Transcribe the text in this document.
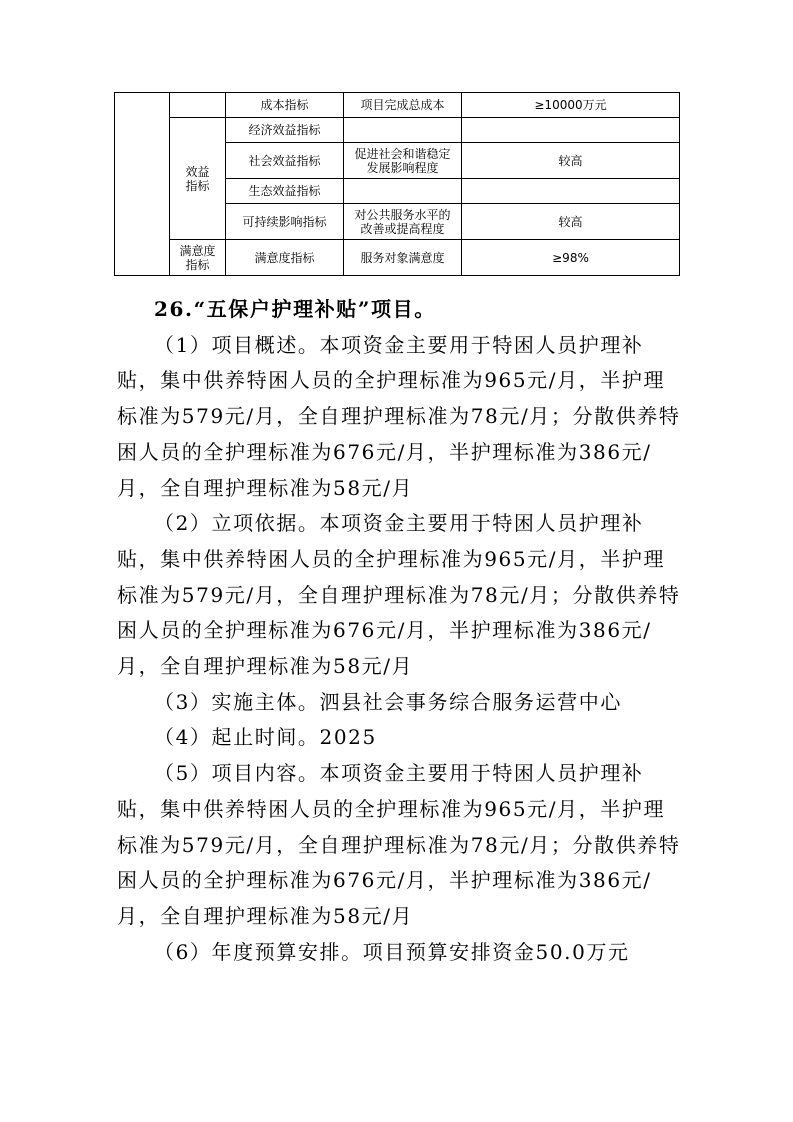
		成本指标	项目完成总成本	≥10000万元
	效益指标	经济效益指标		
		社会效益指标	促进社会和谐稳定发展影响程度	较高
		生态效益指标		
		可持续影响指标	对公共服务水平的改善或提高程度	较高
	满意度指标	满意度指标	服务对象满意度	≥98%

26.“五保户护理补贴”项目。

（1）项目概述。本项资金主要用于特困人员护理补贴，集中供养特困人员的全护理标准为965元/月，半护理标准为579元/月，全自理护理标准为78元/月；分散供养特困人员的全护理标准为676元/月，半护理标准为386元/月，全自理护理标准为58元/月

（2）立项依据。本项资金主要用于特困人员护理补贴，集中供养特困人员的全护理标准为965元/月，半护理标准为579元/月，全自理护理标准为78元/月；分散供养特困人员的全护理标准为676元/月，半护理标准为386元/月，全自理护理标准为58元/月

（3）实施主体。泗县社会事务综合服务运营中心

（4）起止时间。2025

（5）项目内容。本项资金主要用于特困人员护理补贴，集中供养特困人员的全护理标准为965元/月，半护理标准为579元/月，全自理护理标准为78元/月；分散供养特困人员的全护理标准为676元/月，半护理标准为386元/月，全自理护理标准为58元/月

（6）年度预算安排。项目预算安排资金50.0万元
